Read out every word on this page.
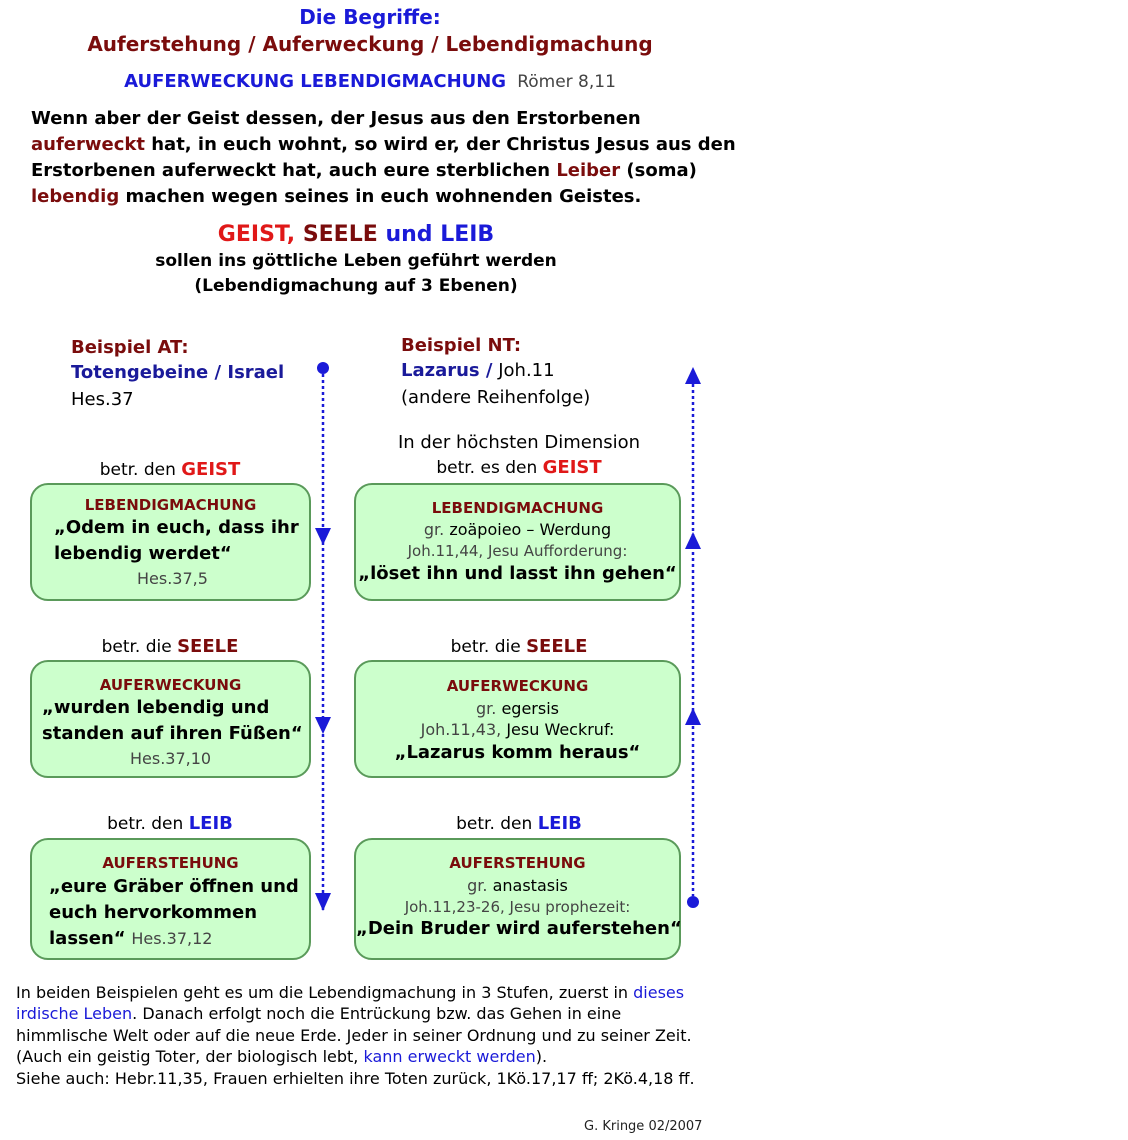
Die Begriffe:
Auferstehung / Auferweckung / Lebendigmachung
AUFERWECKUNG LEBENDIGMACHUNG Römer 8,11
Wenn aber der Geist dessen, der Jesus aus den Erstorbenen
auferweckt hat, in euch wohnt, so wird er, der Christus Jesus aus den
Erstorbenen auferweckt hat, auch eure sterblichen Leiber (soma)
lebendig machen wegen seines in euch wohnenden Geistes.
GEIST, SEELE und LEIB
sollen ins göttliche Leben geführt werden
(Lebendigmachung auf 3 Ebenen)
Beispiel AT:
Totengebeine / Israel
Hes.37
Beispiel NT:
Lazarus / Joh.11
(andere Reihenfolge)
In der höchsten Dimension
betr. den GEIST
betr. die SEELE
betr. den LEIB
betr. es den GEIST
betr. die SEELE
betr. den LEIB
LEBENDIGMACHUNG
„Odem in euch, dass ihr
lebendig werdet“
Hes.37,5
AUFERWECKUNG
„wurden lebendig und
standen auf ihren Füßen“
Hes.37,10
AUFERSTEHUNG
„eure Gräber öffnen und
euch hervorkommen
lassen“ Hes.37,12
LEBENDIGMACHUNG
gr. zoäpoieo – Werdung
Joh.11,44, Jesu Aufforderung:
„löset ihn und lasst ihn gehen“
AUFERWECKUNG
gr. egersis
Joh.11,43, Jesu Weckruf:
„Lazarus komm heraus“
AUFERSTEHUNG
gr. anastasis
Joh.11,23-26, Jesu prophezeit:
„Dein Bruder wird auferstehen“
In beiden Beispielen geht es um die Lebendigmachung in 3 Stufen, zuerst in dieses
irdische Leben. Danach erfolgt noch die Entrückung bzw. das Gehen in eine
himmlische Welt oder auf die neue Erde. Jeder in seiner Ordnung und zu seiner Zeit.
(Auch ein geistig Toter, der biologisch lebt, kann erweckt werden).
Siehe auch: Hebr.11,35, Frauen erhielten ihre Toten zurück, 1Kö.17,17 ff; 2Kö.4,18 ff.
G. Kringe 02/2007
